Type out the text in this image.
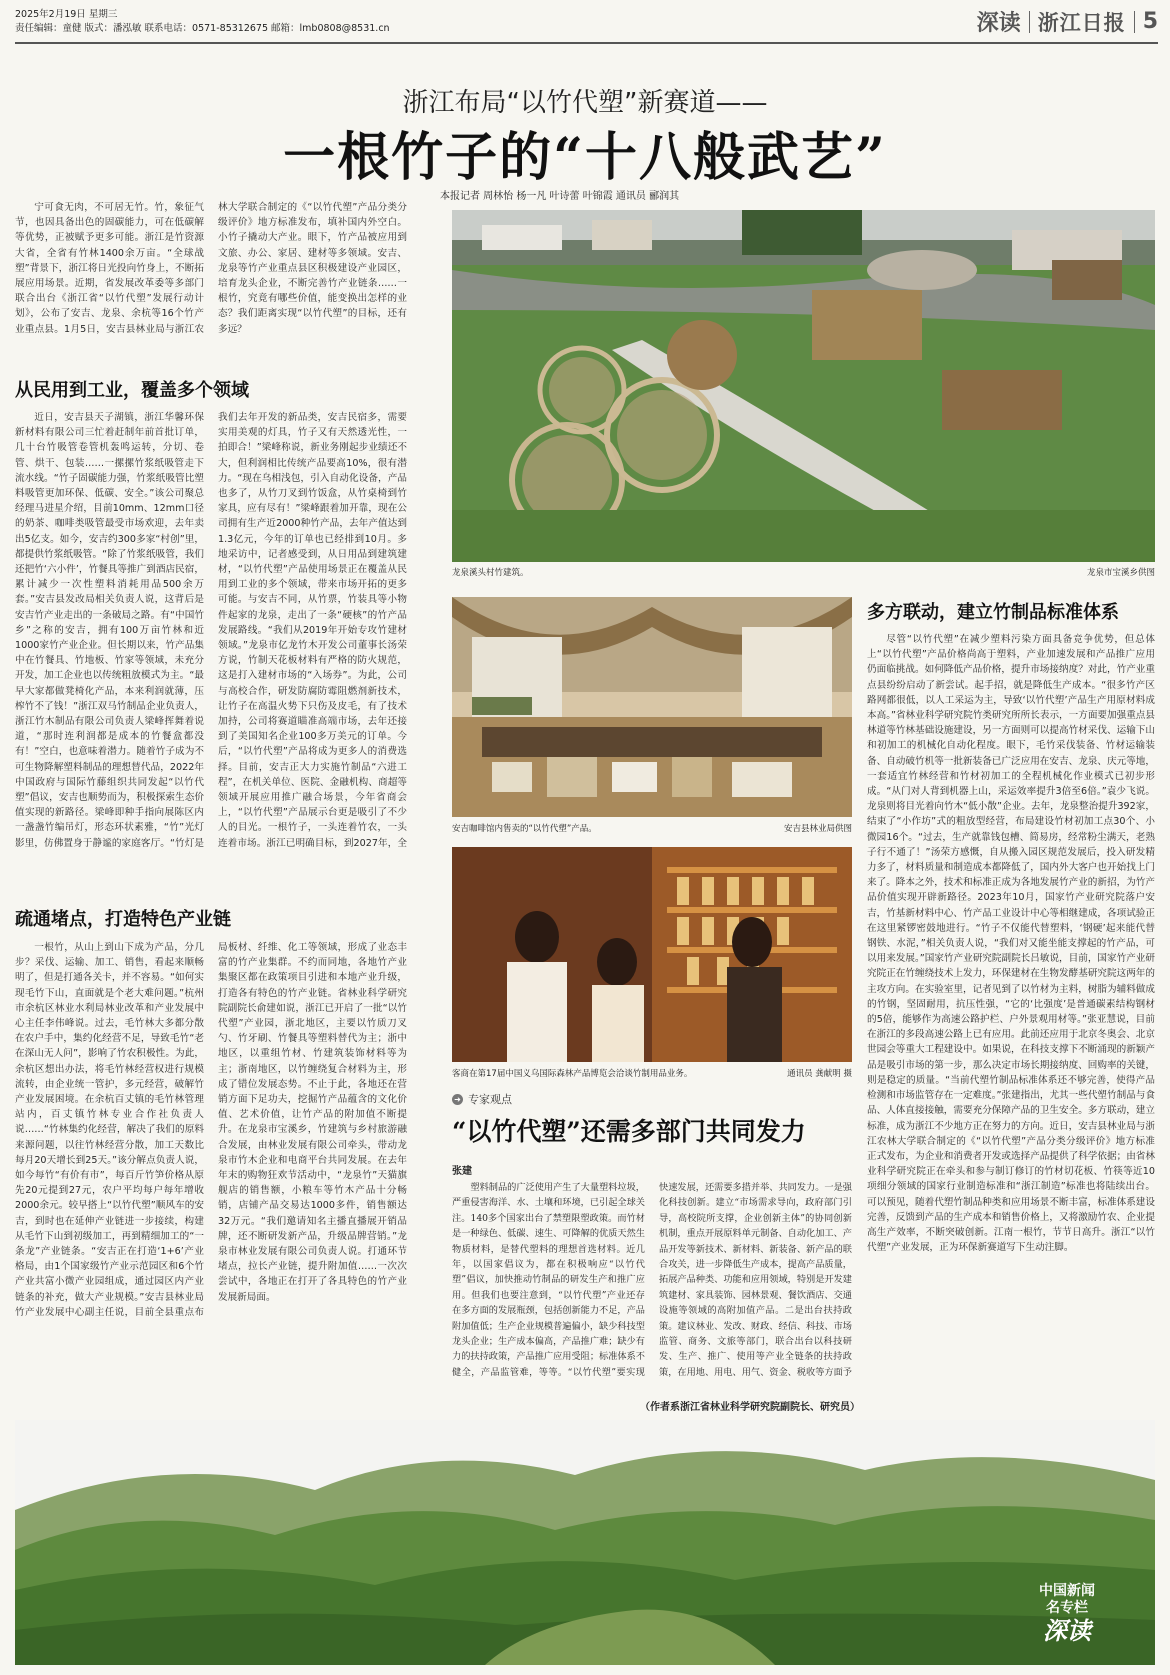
2025年2月19日 星期三
责任编辑：童健 版式：潘泓敏 联系电话：0571-85312675 邮箱：lmb0808@8531.cn	深读 浙江日报 5
浙江布局“以竹代塑”新赛道——
一根竹子的“十八般武艺”
本报记者 周林怡 杨一凡 叶诗蕾 叶锦霞 通讯员 郦润其

宁可食无肉，不可居无竹。竹，象征气节，也因具备出色的固碳能力，可在低碳解等优势，正被赋予更多可能。浙江是竹资源大省，全省有竹林1400余万亩。“全球战塑”背景下，浙江将日光投向竹身上，不断拓展应用场景。近期，省发展改革委等多部门联合出台《浙江省“以竹代塑”发展行动计划》，公布了安吉、龙泉、余杭等16个竹产业重点县。1月5日，安吉县林业局与浙江农林大学联合制定的《“以竹代塑”产品分类分级评价》地方标准发布，填补国内外空白。小竹子撬动大产业。眼下，竹产品被应用到文旅、办公、家居、建材等多领域。安吉、龙泉等竹产业重点县区积极建设产业园区，培育龙头企业，不断完善竹产业链条……一根竹，究竟有哪些价值，能变换出怎样的业态？我们距离实现“以竹代塑”的目标，还有多远？

从民用到工业，覆盖多个领域

近日，安吉县天子湖镇，浙江华馨环保新材料有限公司三忙着赶制年前首批订单，几十台竹吸管卷管机轰鸣运转，分切、卷管、烘干、包装……一摞摞竹浆纸吸管走下流水线。“竹子固碳能力强，竹浆纸吸管比塑料吸管更加环保、低碳、安全。”该公司聚总经理马进星介绍，目前10mm、12mm口径的奶茶、咖啡类吸管最受市场欢迎，去年卖出5亿支。如今，安吉约300多家“村创”里，都提供竹浆纸吸管。“除了竹浆纸吸管，我们还把竹‘六小件’，竹餐具等推广到酒店民宿，累计减少一次性塑料消耗用品500余万套。”安吉县发改局相关负责人说，这背后是安吉竹产业走出的一条破局之路。有“中国竹乡”之称的安吉，拥有100万亩竹林和近1000家竹产业企业。但长期以来，竹产品集中在竹餐具、竹地板、竹家等领域，未充分开发，加工企业也以传统粗放模式为主。“最早大家都做凳椅化产品，本来利润就薄，压榨竹不了钱！”浙江双马竹制品企业负责人，浙江竹木制品有限公司负责人梁峰挥舞着说道，“那时连利润都是成本的竹餐盒都没有！”空白，也意味着潜力。随着竹子成为不可生物降解塑料制品的理想替代品，2022年中国政府与国际竹藤组织共同发起“以竹代塑”倡议，安吉也顺势而为，积极探索生态价值实现的新路径。梁峰即种手指向展陈区内一盏盏竹编吊灯，形态环状素雅，“竹”光灯影里，仿佛置身于静谧的家庭客厅。“竹灯是我们去年开发的新品类，安吉民宿多，需要实用美观的灯具，竹子又有天然透光性，一拍即合！”梁峰称说，新业务刚起步业绩还不大，但利润相比传统产品要高10%，很有潜力。“现在乌相浅包，引入自动化设备，产品也多了，从竹刀叉到竹饭盒，从竹桌椅到竹家具，应有尽有！”梁峰跟着加开靠，现在公司拥有生产近2000种竹产品，去年产值达到1.3亿元，今年的订单也已经排到10月。多地采访中，记者感受到，从日用品到建筑建材，“以竹代塑”产品使用场景正在覆盖从民用到工业的多个领域，带来市场开拓的更多可能。与安吉不同，从竹票，竹装具等小物件起家的龙泉，走出了一条“硬核”的竹产品发展路线。“我们从2019年开始专攻竹建材领域。”龙泉市亿龙竹木开发公司董事长汤荣方说，竹制天花板材料有严格的防火规范，这是打入建材市场的“入场券”。为此，公司与高校合作，研发防腐防霉阻燃剂新技术，让竹子在高温火势下只伤及皮毛，有了技术加持，公司将赛道瞄准高端市场，去年还接到了美国知名企业100多万美元的订单。今后，“以竹代塑”产品将成为更多人的消费选择。目前，安吉正大力实施竹制品“六进工程”，在机关单位、医院、金融机构、商超等领域开展应用推广融合场景，今年省商会上，“以竹代塑”产品展示台更是吸引了不少人的目光。一根竹子，一头连着竹农，一头连着市场。浙江已明确目标，到2027年，全

疏通堵点，打造特色产业链

一根竹，从山上到山下成为产品，分几步？采伐、运输、加工、销售，看起来顺畅明了，但是打通各关卡，并不容易。“如何实现毛竹下山，直面就是个老大难问题。”杭州市余杭区林业水利局林业改革和产业发展中心主任李伟峰说。过去，毛竹林大多都分散在农户手中，集约化经营不足，导致毛竹“老在深山无人问”，影响了竹农积极性。为此，余杭区想出办法，将毛竹林经营权进行规模流转，由企业统一管护，多元经营，破解竹产业发展困境。在余杭百丈镇的毛竹林管理站内，百丈镇竹林专业合作社负责人说……“竹林集约化经营，解决了我们的原料来源问题，以往竹林经营分散，加工天数比每月20天增长到25天。”该分解点负责人说，如今每竹“有价有市”，每百斤竹笋价格从原先20元提到27元，农户平均每户每年增收2000余元。较早搭上“以竹代塑”顺风车的安吉，到时也在延伸产业链进一步接续，构建从毛竹下山到初级加工，再到精细加工的“一条龙”产业链条。“安吉正在打造‘1+6’产业格局，由1个国家级竹产业示范园区和6个竹产业共富小微产业园组成，通过园区内产业链条的补充，做大产业规模。”安吉县林业局竹产业发展中心副主任说，目前全县重点布局板材、纤维、化工等领域，形成了业态丰富的竹产业集群。不约而同地，各地竹产业集聚区都在政策项目引进和本地产业升级，打造各有特色的竹产业链。省林业科学研究院副院长俞建如说，浙江已开启了一批“以竹代塑”产业园，浙北地区，主要以竹质刀叉勺、竹牙刷、竹餐具等塑料替代为主；浙中地区，以重组竹材、竹建筑装饰材料等为主；浙南地区，以竹缠绕复合材料为主，形成了错位发展态势。不止于此，各地还在营销方面下足功夫，挖掘竹产品蕴含的文化价值、艺术价值，让竹产品的附加值不断提升。在龙泉市宝溪乡，竹建筑与乡村旅游融合发展，由林业发展有限公司牵头，带动龙泉市竹木企业和电商平台共同发展。在去年年末的购物狂欢节活动中，“龙泉竹”天猫旗舰店的销售额，小粮车等竹木产品十分畅销，店铺产品交易达1000多件，销售额达32万元。“我们邀请知名主播直播展开销品牌，还不断研发新产品，升级品牌营销。”龙泉市林业发展有限公司负责人说。打通环节堵点，拉长产业链，提升附加值……一次次尝试中，各地正在打开了各具特色的竹产业发展新局面。

龙泉溪头村竹建筑。	龙泉市宝溪乡供图
安吉咖啡馆内售卖的“以竹代塑”产品。	安吉县林业局供图
客商在第17届中国义乌国际森林产品博览会洽谈竹制用品业务。	通讯员 龚献明 摄
多方联动，建立竹制品标准体系

尽管“以竹代塑”在减少塑料污染方面具备竞争优势，但总体上“以竹代塑”产品价格尚高于塑料，产业加速发展和产品推广应用仍面临挑战。如何降低产品价格，提升市场接纳度？对此，竹产业重点县纷纷启动了新尝试。起手招，就是降低生产成本。“很多竹产区路网都很低，以人工采运为主，导致‘以竹代塑’产品生产用原材料成本高。”省林业科学研究院竹类研究所所长表示，一方面要加强重点县林道等竹林基础设施建设，另一方面则可以提高竹材采伐、运输下山和初加工的机械化自动化程度。眼下，毛竹采伐装备、竹材运输装备、自动破竹机等一批新装备已广泛应用在安吉、龙泉、庆元等地，一套适宜竹林经营和竹材初加工的全程机械化作业模式已初步形成。“从门对人背到机器上山，采运效率提升3倍至6倍。”袁少飞说。龙泉则将目光着向竹木“低小散”企业。去年，龙泉整治提升392家，结束了“小作坊”式的粗放型经营，布局建设竹材初加工点30个、小微园16个。“过去，生产就靠钱包槽、简易房，经常粉尘满天，老熟子行不通了！”汤荣方感慨，自从搬入园区规范发展后，投入研发精力多了，材料质量和制造成本都降低了，国内外大客户也开始找上门来了。降本之外，技术和标准正成为各地发展竹产业的新招，为竹产品价值实现开辟新路径。2023年10月，国家竹产业研究院落户安吉，竹基新材料中心、竹产品工业设计中心等相继建成，各项试验正在这里紧锣密鼓地进行。“竹子不仅能代替塑料，‘钢硬’起来能代替钢铁、水泥，”相关负责人说，“我们对又能坐能支撑起的竹产品，可以用来发展。”国家竹产业研究院副院长吕敏说，目前，国家竹产业研究院正在竹缠绕技术上发力，环保建材在生物发酵基研究院这两年的主攻方向。在实验室里，记者见到了以竹材为主料，树脂为辅料做成的竹钢，坚固耐用，抗压性强，“它的‘比强度’是普通碳素结构钢材的5倍，能够作为高速公路护栏、户外景观用材等。”张亚慧说，目前在浙江的多段高速公路上已有应用。此前还应用于北京冬奥会、北京世园会等重大工程建设中。如果说，在科技支撑下不断涌现的新颖产品是吸引市场的第一步，那么决定市场长期接纳度、回购率的关键，则是稳定的质量。“当前代塑竹制品标准体系还不够完善，使得产品检测和市场监管存在一定难度。”张建指出，尤其一些代塑竹制品与食品、人体直接接触，需要充分保障产品的卫生安全。多方联动，建立标准，成为浙江不少地方正在努力的方向。近日，安吉县林业局与浙江农林大学联合制定的《“以竹代塑”产品分类分级评价》地方标准正式发布，为企业和消费者开发或选择产品提供了科学依据；由省林业科学研究院正在牵头和参与制订修订的竹材切花板、竹筷等近10项细分领域的国家行业制造标准和“浙江制造”标准也将陆续出台。可以预见，随着代塑竹制品种类和应用场景不断丰富，标准体系建设完善，反馈到产品的生产成本和销售价格上，又将激励竹农、企业提高生产效率，不断突破创新。江南一根竹，节节日高升。浙江“以竹代塑”产业发展，正为环保新赛道写下生动注脚。

➜ 专家观点
“以竹代塑”还需多部门共同发力
张建

塑料制品的广泛使用产生了大量塑料垃圾，严重侵害海洋、水、土壤和环境，已引起全球关注。140多个国家出台了禁塑限塑政策。而竹材是一种绿色、低碳、速生、可降解的优质天然生物质材料，是替代塑料的理想首选材料。近几年，以国家倡议为，都在积极响应“以竹代塑”倡议，加快推动竹制品的研发生产和推广应用。但我们也要注意到，“以竹代塑”产业还存在多方面的发展瓶颈，包括创新能力不足，产品附加值低；生产企业规模普遍偏小，缺少科技型龙头企业；生产成本偏高，产品推广难；缺少有力的扶持政策，产品推广应用受阻；标准体系不健全，产品监管难，等等。“以竹代塑”要实现快速发展，还需要多措并举、共同发力。一是强化科技创新。建立“市场需求导向，政府部门引导，高校院所支撑，企业创新主体”的协同创新机制，重点开展原料单元制备、自动化加工、产品开发等新技术、新材料、新装备、新产品的联合攻关，进一步降低生产成本，提高产品质量，拓展产品种类、功能和应用领域，特别是开发建筑建材、家具装饰、园林景观、餐饮酒店、交通设施等领域的高附加值产品。二是出台扶持政策。建议林业、发改、财政、经信、科技、市场监管、商务、文旅等部门，联合出台以科技研发、生产、推广、使用等产业全链条的扶持政策，在用地、用电、用气、资金、税收等方面予

（作者系浙江省林业科学研究院副院长、研究员）
中国新闻
名专栏
深读
